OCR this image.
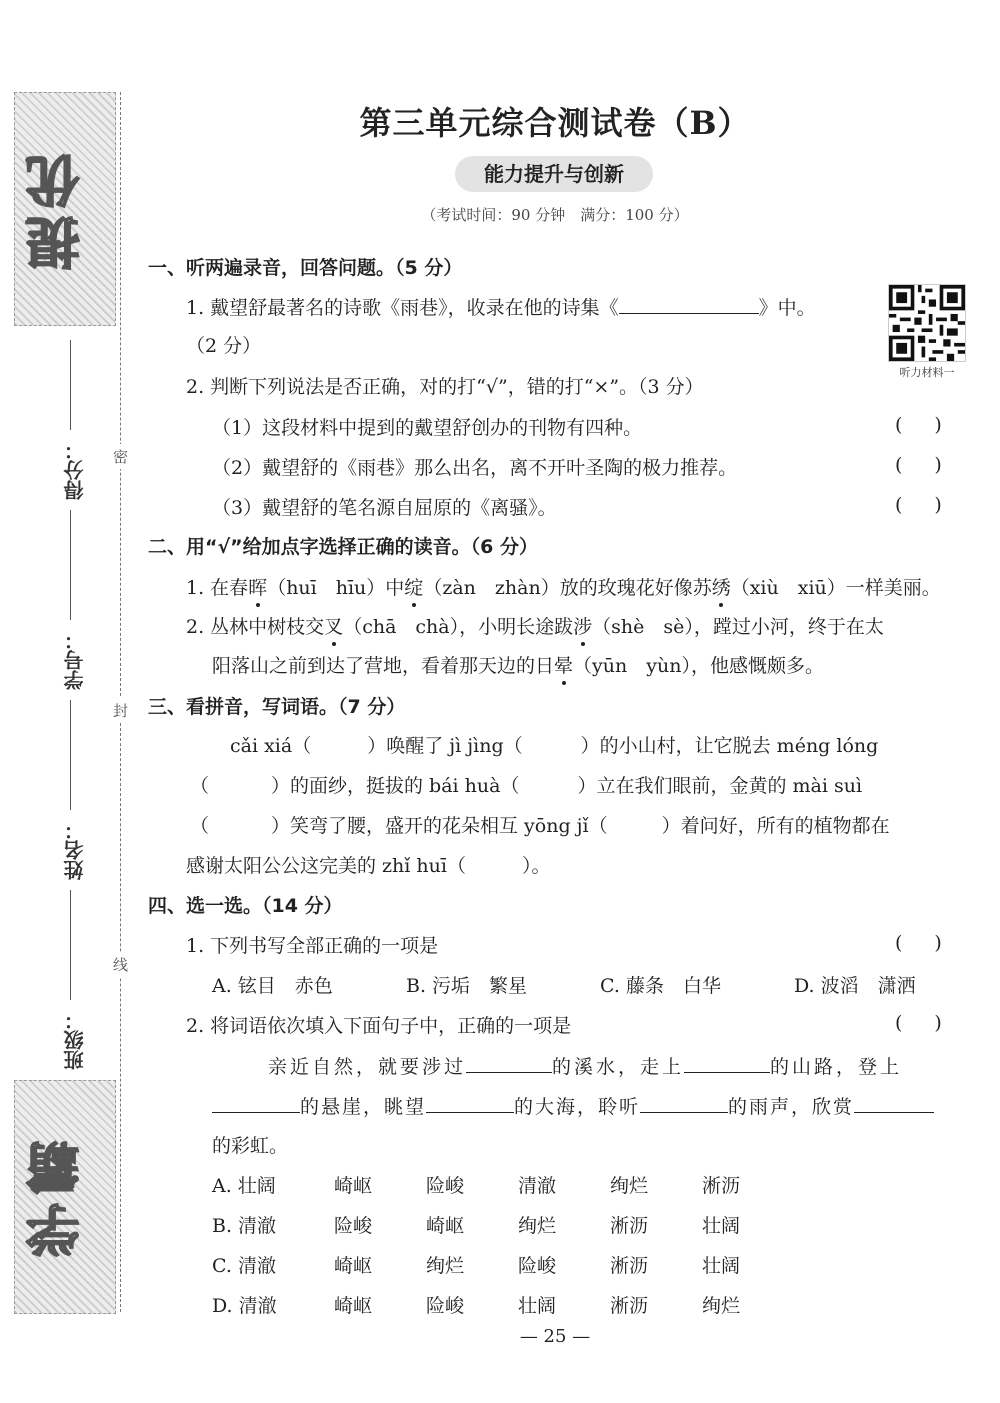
提优
学霸
得分：
学号：
姓名：
班级：
密
封
线
第三单元综合测试卷（B）
能力提升与创新
（考试时间：90 分钟　满分：100 分）
听力材料一
一、听两遍录音，回答问题。（5 分）
1. 戴望舒最著名的诗歌《雨巷》，收录在他的诗集《	》中。
（2 分）
2. 判断下列说法是否正确，对的打“√”，错的打“×”。（3 分）
（1）这段材料中提到的戴望舒创办的刊物有四种。	()
（2）戴望舒的《雨巷》那么出名，离不开叶圣陶的极力推荐。	()
（3）戴望舒的笔名源自屈原的《离骚》。	()
二、用“√”给加点字选择正确的读音。（6 分）
1. 在春晖（huī　hīu）中绽（zàn　zhàn）放的玫瑰花好像苏绣（xiù　xiū）一样美丽。
2. 丛林中树枝交叉（chā　chà），小明长途跋涉（shè　sè），蹚过小河，终于在太
阳落山之前到达了营地，看着那天边的日晕（yūn　yùn），他感慨颇多。
三、看拼音，写词语。（7 分）
cǎi xiá（	）唤醒了 jì jìng（	）的小山村，让它脱去 méng lóng
（	）的面纱，挺拔的 bái huà（	）立在我们眼前，金黄的 mài suì
（	）笑弯了腰，盛开的花朵相互 yōng jǐ（	）着问好，所有的植物都在
感谢太阳公公这完美的 zhǐ huī（	）。
四、选一选。（14 分）
1. 下列书写全部正确的一项是	()
A. 铉目　赤色	B. 污垢　繁星	C. 藤条　白华	D. 波滔　潇洒
2. 将词语依次填入下面句子中，正确的一项是	()
亲近自然，就要涉过	的溪水，走上	的山路，登上
的悬崖，眺望	的大海，聆听	的雨声，欣赏
的彩虹。
A. 壮阔	崎岖	险峻	清澈	绚烂	淅沥
B. 清澈	险峻	崎岖	绚烂	淅沥	壮阔
C. 清澈	崎岖	绚烂	险峻	淅沥	壮阔
D. 清澈	崎岖	险峻	壮阔	淅沥	绚烂
— 25 —
